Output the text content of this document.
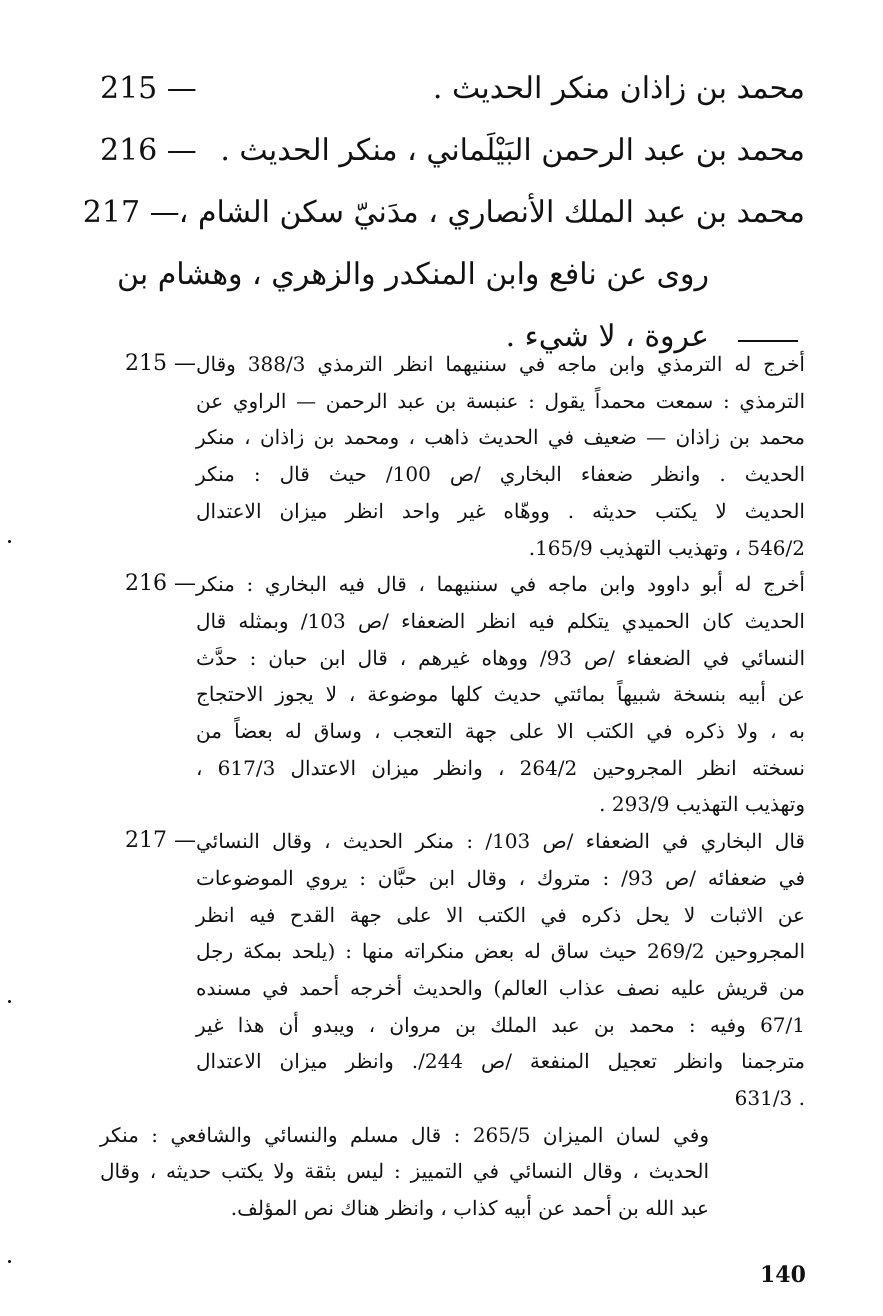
محمد بن زاذان منكر الحديث .
215 —
محمد بن عبد الرحمن البَيْلَماني ، منكر الحديث .
216 —
محمد بن عبد الملك الأنصاري ، مدَنيّ سكن الشام ،
217 —
روى عن نافع وابن المنكدر والزهري ، وهشام بن
عروة ، لا شيء .
أخرج له الترمذي وابن ماجه في سننيهما انظر الترمذي 388/3 وقال
الترمذي : سمعت محمداً يقول : عنبسة بن عبد الرحمن — الراوي عن
محمد بن زاذان — ضعيف في الحديث ذاهب ، ومحمد بن زاذان ، منكر
الحديث . وانظر ضعفاء البخاري /ص 100/ حيث قال : منكر
الحديث لا يكتب حديثه . ووهّاه غير واحد انظر ميزان الاعتدال
546/2 ، وتهذيب التهذيب 165/9.
215 —
أخرج له أبو داوود وابن ماجه في سننيهما ، قال فيه البخاري : منكر
الحديث كان الحميدي يتكلم فيه انظر الضعفاء /ص 103/ وبمثله قال
النسائي في الضعفاء /ص 93/ ووهاه غيرهم ، قال ابن حبان : حدَّث
عن أبيه بنسخة شبيهاً بمائتي حديث كلها موضوعة ، لا يجوز الاحتجاج
به ، ولا ذكره في الكتب الا على جهة التعجب ، وساق له بعضاً من
نسخته انظر المجروحين 264/2 ، وانظر ميزان الاعتدال 617/3 ،
وتهذيب التهذيب 293/9 .
216 —
قال البخاري في الضعفاء /ص 103/ : منكر الحديث ، وقال النسائي
في ضعفائه /ص 93/ : متروك ، وقال ابن حبَّان : يروي الموضوعات
عن الاثبات لا يحل ذكره في الكتب الا على جهة القدح فيه انظر
المجروحين 269/2 حيث ساق له بعض منكراته منها : (يلحد بمكة رجل
من قريش عليه نصف عذاب العالم) والحديث أخرجه أحمد في مسنده
67/1 وفيه : محمد بن عبد الملك بن مروان ، ويبدو أن هذا غير
مترجمنا وانظر تعجيل المنفعة /ص 244/. وانظر ميزان الاعتدال
. 631/3
217 —
وفي لسان الميزان 265/5 : قال مسلم والنسائي والشافعي : منكر
الحديث ، وقال النسائي في التمييز : ليس بثقة ولا يكتب حديثه ، وقال
عبد الله بن أحمد عن أبيه كذاب ، وانظر هناك نص المؤلف.
140
